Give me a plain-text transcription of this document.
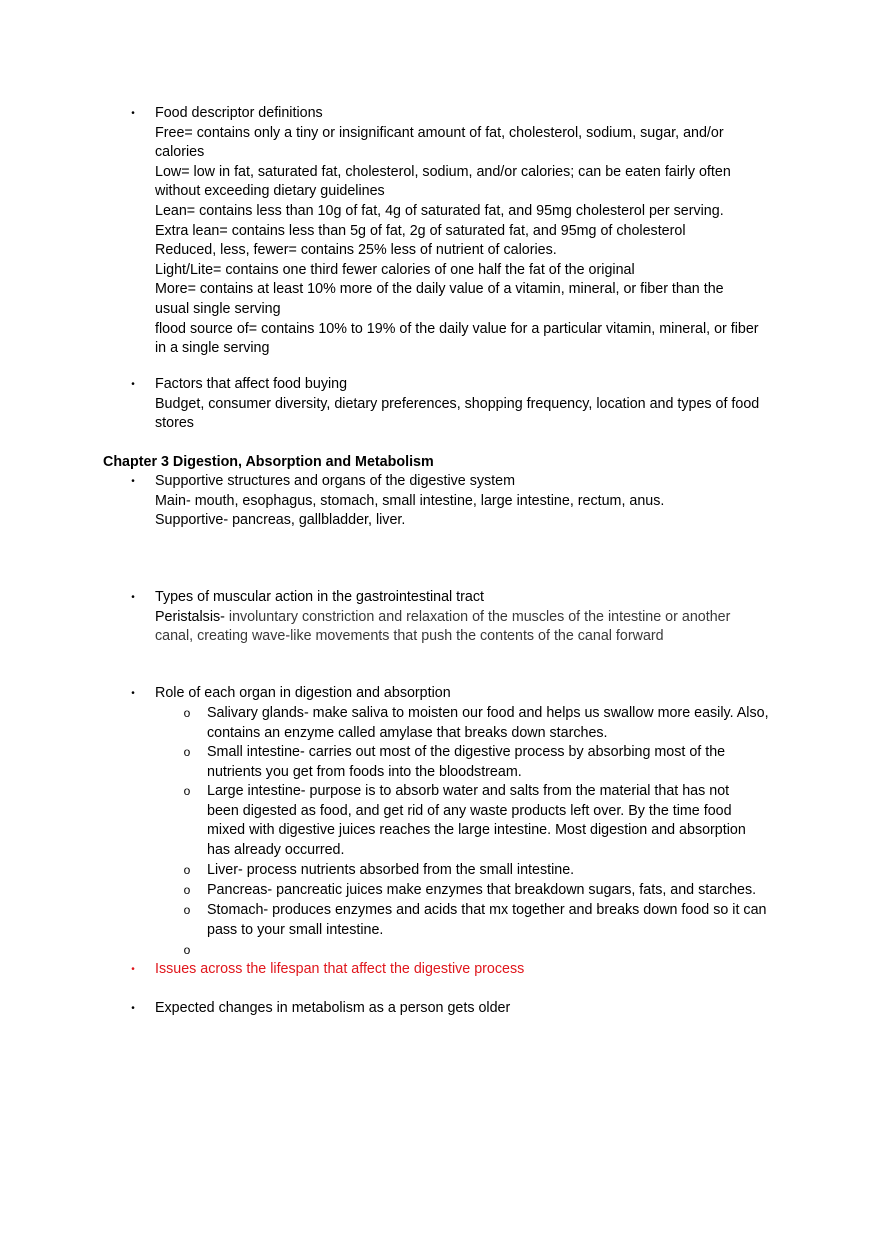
• Food descriptor definitions
Free= contains only a tiny or insignificant amount of fat, cholesterol, sodium, sugar, and/or
calories
Low= low in fat, saturated fat, cholesterol, sodium, and/or calories; can be eaten fairly often
without exceeding dietary guidelines
Lean= contains less than 10g of fat, 4g of saturated fat, and 95mg cholesterol per serving.
Extra lean= contains less than 5g of fat, 2g of saturated fat, and 95mg of cholesterol
Reduced, less, fewer= contains 25% less of nutrient of calories.
Light/Lite= contains one third fewer calories of one half the fat of the original
More= contains at least 10% more of the daily value of a vitamin, mineral, or fiber than the
usual single serving
flood source of= contains 10% to 19% of the daily value for a particular vitamin, mineral, or fiber
in a single serving
• Factors that affect food buying
Budget, consumer diversity, dietary preferences, shopping frequency, location and types of food
stores
Chapter 3 Digestion, Absorption and Metabolism
• Supportive structures and organs of the digestive system
Main- mouth, esophagus, stomach, small intestine, large intestine, rectum, anus.
Supportive- pancreas, gallbladder, liver.
• Types of muscular action in the gastrointestinal tract
Peristalsis- involuntary constriction and relaxation of the muscles of the intestine or another
canal, creating wave-like movements that push the contents of the canal forward
• Role of each organ in digestion and absorption
o Salivary glands- make saliva to moisten our food and helps us swallow more easily. Also,
contains an enzyme called amylase that breaks down starches.
o Small intestine- carries out most of the digestive process by absorbing most of the
nutrients you get from foods into the bloodstream.
o Large intestine- purpose is to absorb water and salts from the material that has not
been digested as food, and get rid of any waste products left over. By the time food
mixed with digestive juices reaches the large intestine. Most digestion and absorption
has already occurred.
o Liver- process nutrients absorbed from the small intestine.
o Pancreas- pancreatic juices make enzymes that breakdown sugars, fats, and starches.
o Stomach- produces enzymes and acids that mx together and breaks down food so it can
pass to your small intestine.
o
• Issues across the lifespan that affect the digestive process
• Expected changes in metabolism as a person gets older
